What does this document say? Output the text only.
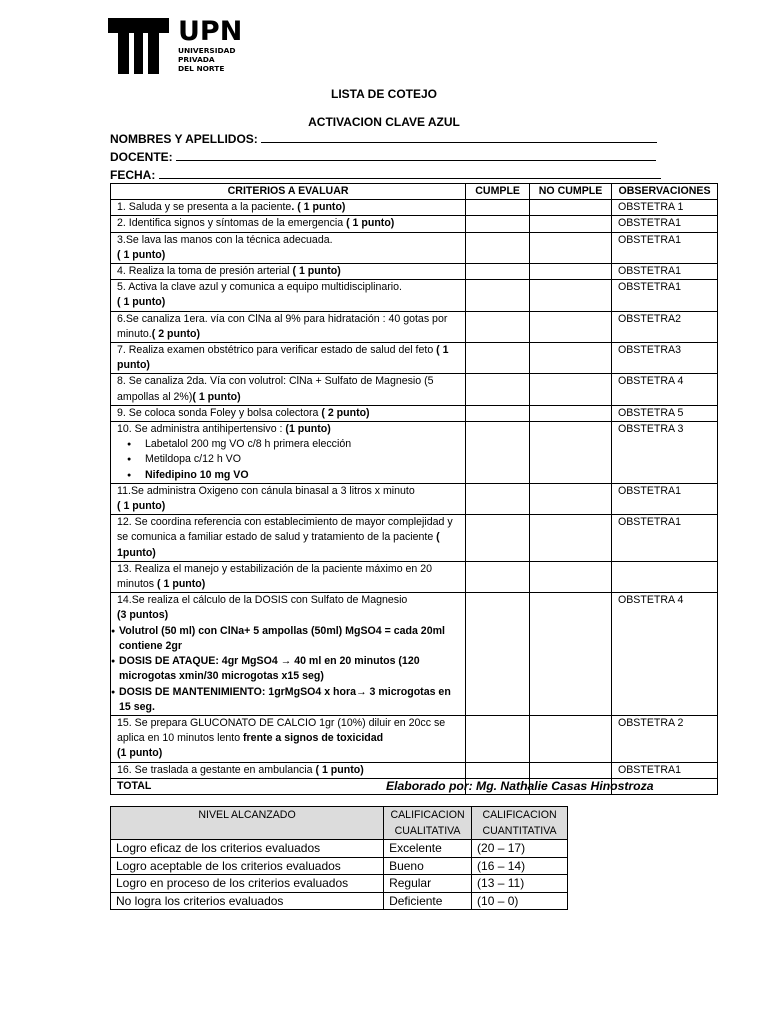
UPN
UNIVERSIDAD
PRIVADA
DEL NORTE
LISTA DE COTEJO
ACTIVACION CLAVE AZUL
NOMBRES Y APELLIDOS:
DOCENTE:
FECHA:
CRITERIOS A EVALUAR	CUMPLE	NO CUMPLE	OBSERVACIONES
1. Saluda y se presenta a la paciente. ( 1 punto)			OBSTETRA 1
2. Identifica signos y síntomas de la emergencia ( 1 punto)			OBSTETRA1

3.Se lava las manos con la técnica adecuada.
( 1 punto)			OBSTETRA1
4. Realiza la toma de presión arterial ( 1 punto)			OBSTETRA1

5. Activa la clave azul y comunica a equipo multidisciplinario.
( 1 punto)			OBSTETRA1
6.Se canaliza 1era. vía con ClNa al 9% para hidratación : 40 gotas por minuto.( 2 punto)			OBSTETRA2
7. Realiza examen obstétrico para verificar estado de salud del feto ( 1 punto)			OBSTETRA3
8. Se canaliza 2da. Vía con volutrol: ClNa + Sulfato de Magnesio (5 ampollas al 2%)( 1 punto)			OBSTETRA 4
9. Se coloca sonda Foley y bolsa colectora ( 2 punto)			OBSTETRA 5

10. Se administra antihipertensivo : (1 punto)
● Labetalol 200 mg VO c/8 h primera elección
● Metildopa c/12 h VO
● Nifedipino 10 mg VO			OBSTETRA 3

11.Se administra Oxigeno con cánula binasal a 3 litros x minuto
( 1 punto)			OBSTETRA1
12. Se coordina referencia con establecimiento de mayor complejidad y se comunica a familiar estado de salud y tratamiento de la paciente ( 1punto)			OBSTETRA1
13. Realiza el manejo y estabilización de la paciente máximo en 20 minutos ( 1 punto)			

14.Se realiza el cálculo de la DOSIS con Sulfato de Magnesio
(3 puntos)
● Volutrol (50 ml) con ClNa+ 5 ampollas (50ml) MgSO4 = cada 20ml contiene 2gr
● DOSIS DE ATAQUE: 4gr MgSO4 → 40 ml en 20 minutos (120 microgotas xmin/30 microgotas x15 seg)
● DOSIS DE MANTENIMIENTO: 1grMgSO4 x hora→ 3 microgotas en 15 seg.			OBSTETRA 4
15. Se prepara GLUCONATO DE CALCIO 1gr (10%) diluir en 20cc se aplica en 10 minutos lento frente a signos de toxicidad
(1 punto)			OBSTETRA 2
16. Se traslada a gestante en ambulancia ( 1 punto)			OBSTETRA1
TOTAL				Elaborado por: Mg. Nathalie Casas Hinostroza
NIVEL ALCANZADO	CALIFICACION CUALITATIVA	CALIFICACION CUANTITATIVA
Logro eficaz de los criterios evaluados	Excelente	(20 – 17)
Logro aceptable de los criterios evaluados	Bueno	(16 – 14)
Logro en proceso de los criterios evaluados	Regular	(13 – 11)
No logra los criterios evaluados	Deficiente	(10 – 0)
